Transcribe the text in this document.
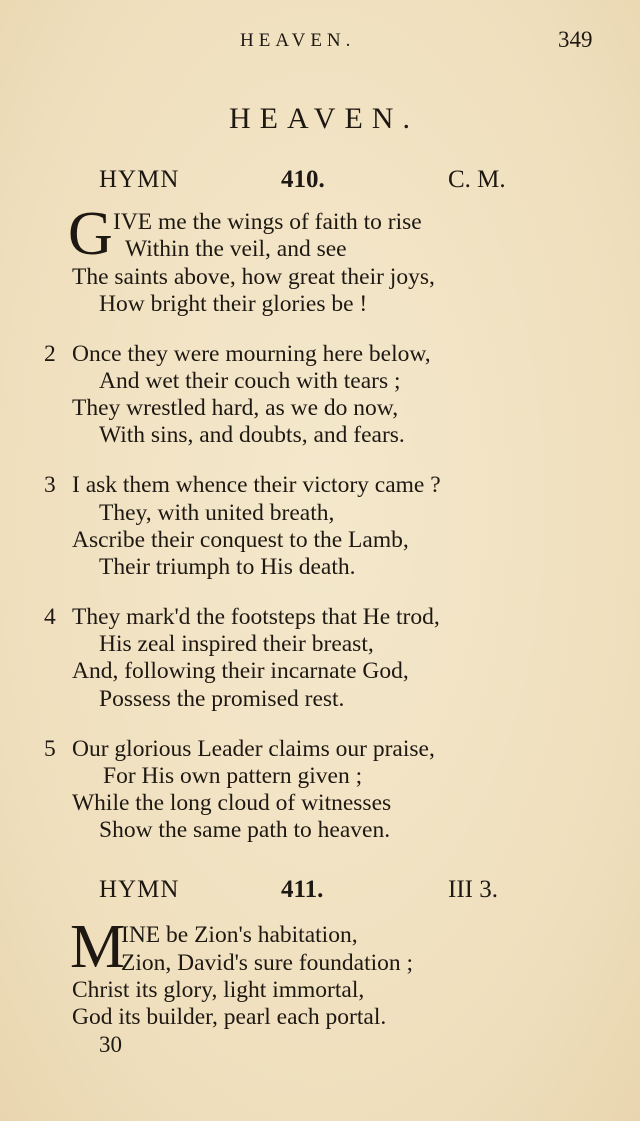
HEAVEN.	349
HEAVEN.
HYMN	410.	C. M.
G IVE me the wings of faith to rise
Within the veil, and see
The saints above, how great their joys,
How bright their glories be !
2 Once they were mourning here below,
And wet their couch with tears ;
They wrestled hard, as we do now,
With sins, and doubts, and fears.
3 I ask them whence their victory came ?
They, with united breath,
Ascribe their conquest to the Lamb,
Their triumph to His death.
4 They mark'd the footsteps that He trod,
His zeal inspired their breast,
And, following their incarnate God,
Possess the promised rest.
5 Our glorious Leader claims our praise,
For His own pattern given ;
While the long cloud of witnesses
Show the same path to heaven.
HYMN	411.	III 3.
M
INE be Zion's habitation,
Zion, David's sure foundation ;
Christ its glory, light immortal,
God its builder, pearl each portal.
30
